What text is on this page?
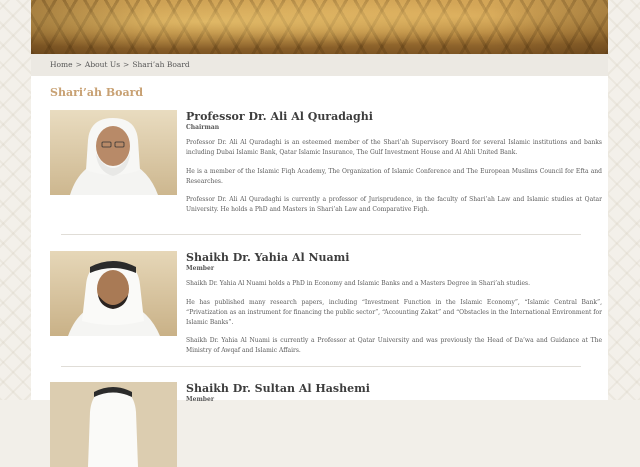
Home > About Us > Shari’ah Board
Shari’ah Board
Professor Dr. Ali Al Quradaghi
Chairman

Professor Dr. Ali Al Quradaghi is an esteemed member of the Shari’ah Supervisory Board for several Islamic institutions and banks including Dubai Islamic Bank, Qatar Islamic Insurance, The Gulf Investment House and Al Ahli United Bank.

He is a member of the Islamic Fiqh Academy, The Organization of Islamic Conference and The European Muslims Council for Efta and Researches.

Professor Dr. Ali Al Quradaghi is currently a professor of Jurisprudence, in the faculty of Shari’ah Law and Islamic studies at Qatar University. He holds a PhD and Masters in Shari’ah Law and Comparative Fiqh.

Shaikh Dr. Yahia Al Nuami
Member

Shaikh Dr. Yahia Al Nuami holds a PhD in Economy and Islamic Banks and a Masters Degree in Shari’ah studies.

He has published many research papers, including “Investment Function in the Islamic Economy”, “Islamic Central Bank”, “Privatization as an instrument for financing the public sector”, “Accounting Zakat” and “Obstacles in the International Environment for Islamic Banks”.

Shaikh Dr. Yahia Al Nuami is currently a Professor at Qatar University and was previously the Head of Da’wa and Guidance at The Ministry of Awqaf and Islamic Affairs.

Shaikh Dr. Sultan Al Hashemi
Member
